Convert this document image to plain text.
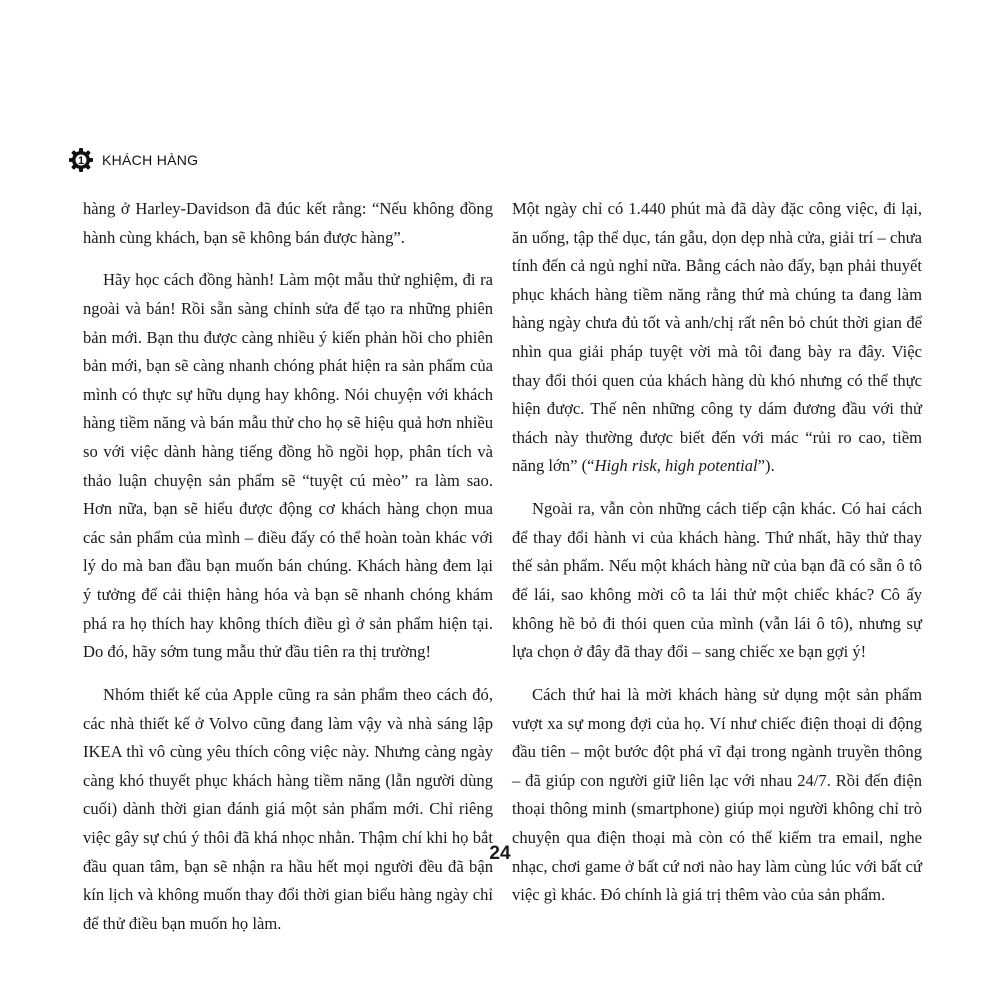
1 KHÁCH HÀNG

hàng ở Harley-Davidson đã đúc kết rằng: “Nếu không đồng hành cùng khách, bạn sẽ không bán được hàng”.

Hãy học cách đồng hành! Làm một mẫu thử nghiệm, đi ra ngoài và bán! Rồi sẵn sàng chỉnh sửa để tạo ra những phiên bản mới. Bạn thu được càng nhiều ý kiến phản hồi cho phiên bản mới, bạn sẽ càng nhanh chóng phát hiện ra sản phẩm của mình có thực sự hữu dụng hay không. Nói chuyện với khách hàng tiềm năng và bán mẫu thử cho họ sẽ hiệu quả hơn nhiều so với việc dành hàng tiếng đồng hồ ngồi họp, phân tích và thảo luận chuyện sản phẩm sẽ “tuyệt cú mèo” ra làm sao. Hơn nữa, bạn sẽ hiểu được động cơ khách hàng chọn mua các sản phẩm của mình – điều đấy có thể hoàn toàn khác với lý do mà ban đầu bạn muốn bán chúng. Khách hàng đem lại ý tưởng để cải thiện hàng hóa và bạn sẽ nhanh chóng khám phá ra họ thích hay không thích điều gì ở sản phẩm hiện tại. Do đó, hãy sớm tung mẫu thử đầu tiên ra thị trường!

Nhóm thiết kế của Apple cũng ra sản phẩm theo cách đó, các nhà thiết kế ở Volvo cũng đang làm vậy và nhà sáng lập IKEA thì vô cùng yêu thích công việc này. Nhưng càng ngày càng khó thuyết phục khách hàng tiềm năng (lẫn người dùng cuối) dành thời gian đánh giá một sản phẩm mới. Chỉ riêng việc gây sự chú ý thôi đã khá nhọc nhằn. Thậm chí khi họ bắt đầu quan tâm, bạn sẽ nhận ra hầu hết mọi người đều đã bận kín lịch và không muốn thay đổi thời gian biểu hàng ngày chỉ để thử điều bạn muốn họ làm.

Một ngày chỉ có 1.440 phút mà đã dày đặc công việc, đi lại, ăn uống, tập thể dục, tán gẫu, dọn dẹp nhà cửa, giải trí – chưa tính đến cả ngủ nghỉ nữa. Bằng cách nào đấy, bạn phải thuyết phục khách hàng tiềm năng rằng thứ mà chúng ta đang làm hàng ngày chưa đủ tốt và anh/chị rất nên bỏ chút thời gian để nhìn qua giải pháp tuyệt vời mà tôi đang bày ra đây. Việc thay đổi thói quen của khách hàng dù khó nhưng có thể thực hiện được. Thế nên những công ty dám đương đầu với thử thách này thường được biết đến với mác “rủi ro cao, tiềm năng lớn” (“High risk, high potential”).

Ngoài ra, vẫn còn những cách tiếp cận khác. Có hai cách để thay đổi hành vi của khách hàng. Thứ nhất, hãy thử thay thế sản phẩm. Nếu một khách hàng nữ của bạn đã có sẵn ô tô để lái, sao không mời cô ta lái thử một chiếc khác? Cô ấy không hề bỏ đi thói quen của mình (vẫn lái ô tô), nhưng sự lựa chọn ở đây đã thay đổi – sang chiếc xe bạn gợi ý!

Cách thứ hai là mời khách hàng sử dụng một sản phẩm vượt xa sự mong đợi của họ. Ví như chiếc điện thoại di động đầu tiên – một bước đột phá vĩ đại trong ngành truyền thông – đã giúp con người giữ liên lạc với nhau 24/7. Rồi đến điện thoại thông minh (smartphone) giúp mọi người không chỉ trò chuyện qua điện thoại mà còn có thể kiểm tra email, nghe nhạc, chơi game ở bất cứ nơi nào hay làm cùng lúc với bất cứ việc gì khác. Đó chính là giá trị thêm vào của sản phẩm.

24
